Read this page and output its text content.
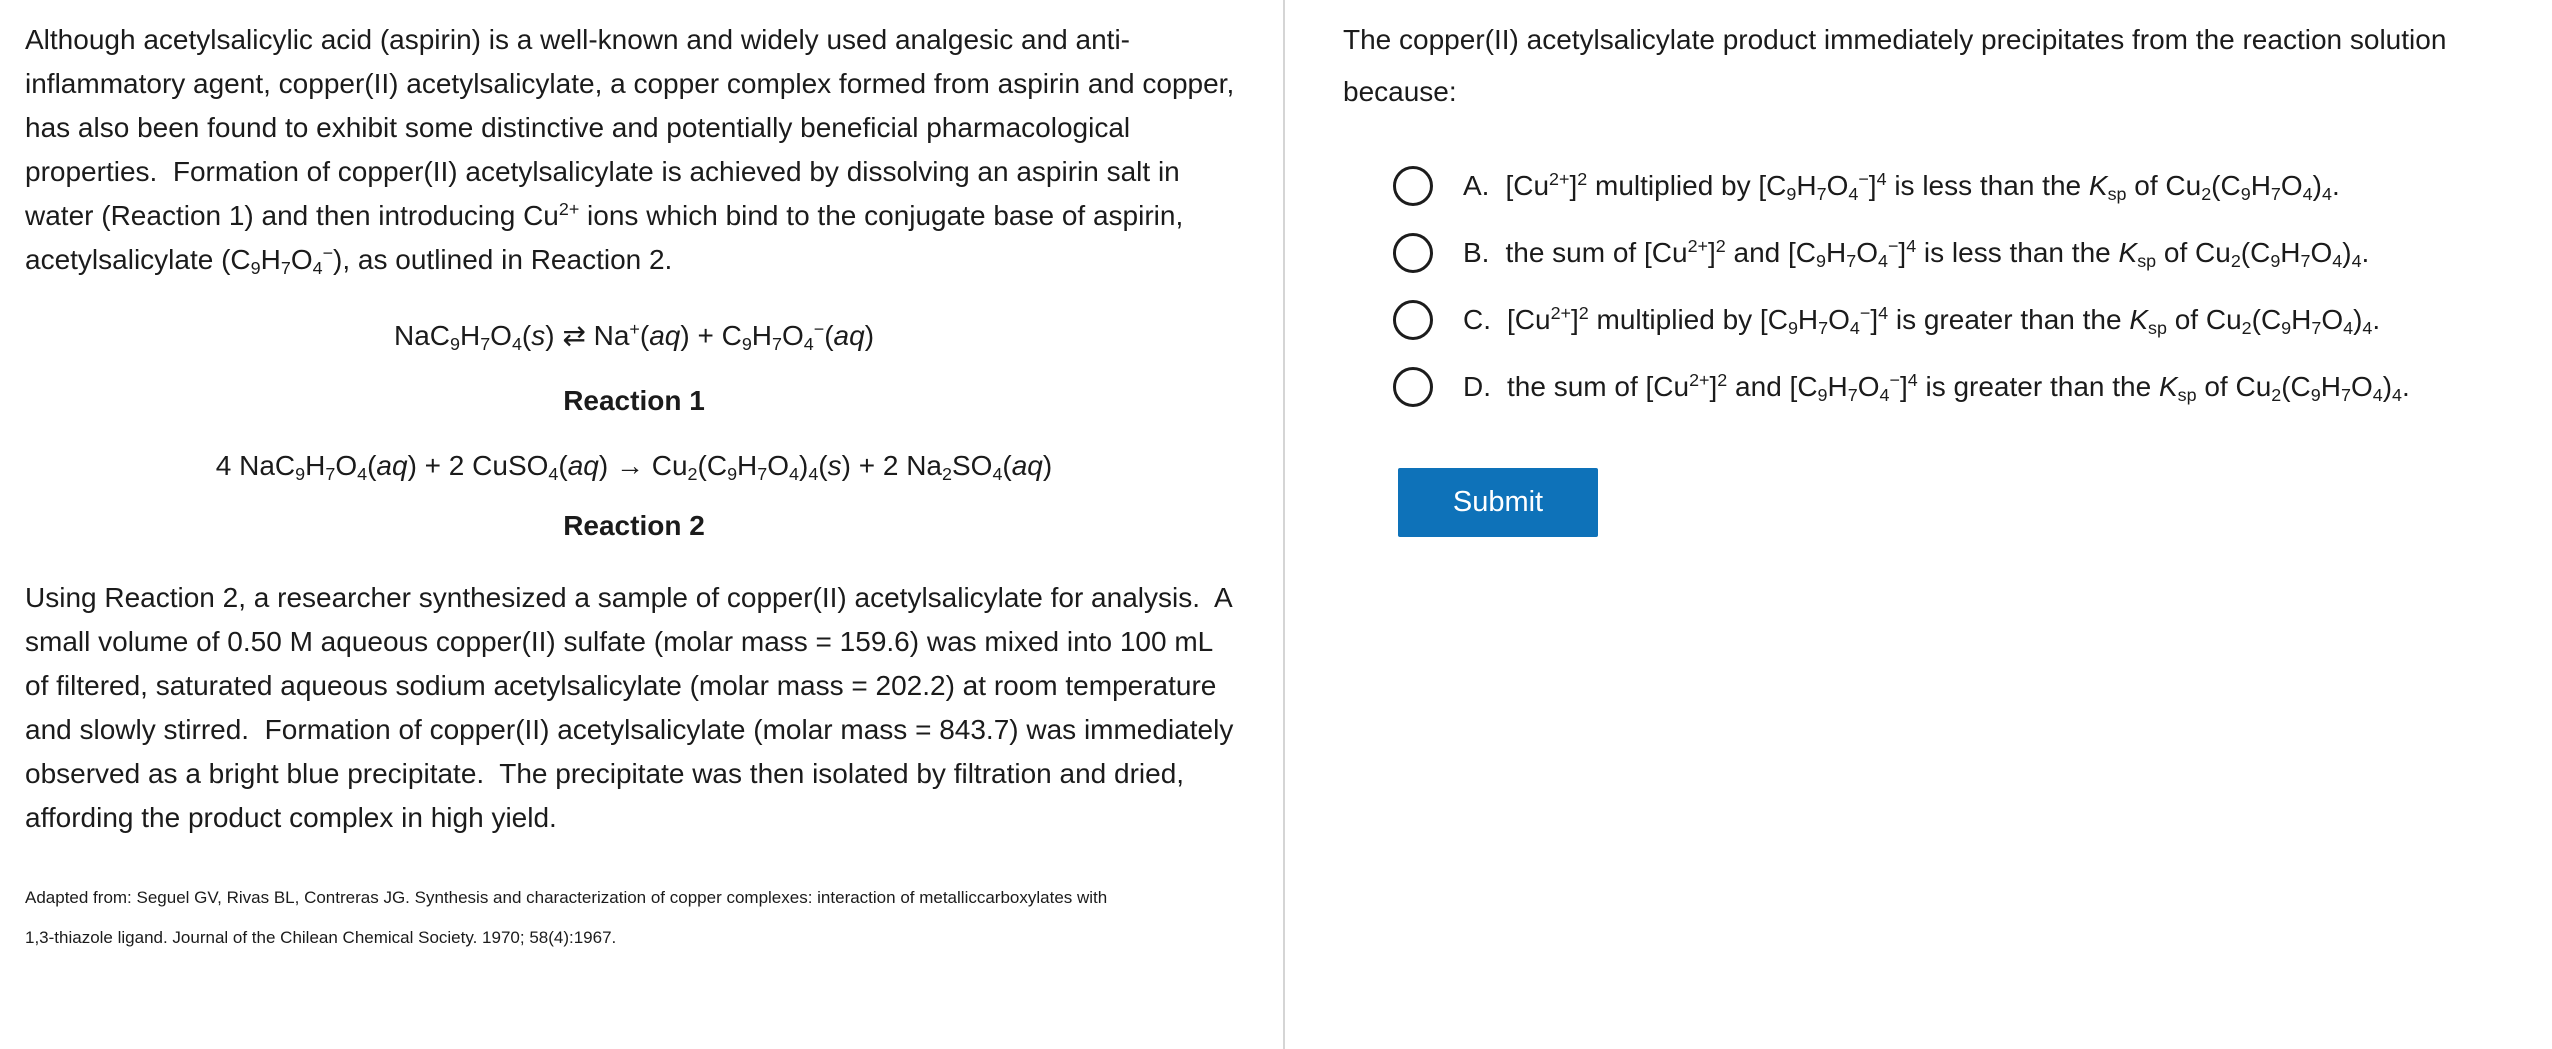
Although acetylsalicylic acid (aspirin) is a well-known and widely used analgesic and anti-inflammatory agent, copper(II) acetylsalicylate, a copper complex formed from aspirin and copper, has also been found to exhibit some distinctive and potentially beneficial pharmacological properties.  Formation of copper(II) acetylsalicylate is achieved by dissolving an aspirin salt in water (Reaction 1) and then introducing $Cu^{2+}$ ions which bind to the conjugate base of aspirin, acetylsalicylate $(C_9H_7O_4^-)$, as outlined in Reaction 2.
$NaC_9H_7O_4(s)$ ⇄ $Na^+(aq) + C_9H_7O_4^-(aq)$
Reaction 1
4 $NaC_9H_7O_4(aq) + 2$ CuSO$_4$(aq) → $Cu_2(C_9H_7O_4)_4(s) + 2$ $Na_2SO_4(aq)$
Reaction 2
Using Reaction 2, a researcher synthesized a sample of copper(II) acetylsalicylate for analysis.  A small volume of 0.50 M aqueous copper(II) sulfate (molar mass = 159.6) was mixed into 100 mL of filtered, saturated aqueous sodium acetylsalicylate (molar mass = 202.2) at room temperature and slowly stirred.  Formation of copper(II) acetylsalicylate (molar mass = 843.7) was immediately observed as a bright blue precipitate.  The precipitate was then isolated by filtration and dried, affording the product complex in high yield.
Adapted from: Seguel GV, Rivas BL, Contreras JG. Synthesis and characterization of copper complexes: interaction of metalliccarboxylates with
1,3-thiazole ligand. Journal of the Chilean Chemical Society. 1970; 58(4):1967.
The copper(II) acetylsalicylate product immediately precipitates from the reaction solution because:
A. $[Cu^{2+}]^2$ multiplied by $[C_9H_7O_4^-]^4$ is less than the $K_{sp}$ of $Cu_2(C_9H_7O_4)_4$.
B. the sum of $[Cu^{2+}]^2$ and $[C_9H_7O_4^-]^4$ is less than the $K_{sp}$ of $Cu_2(C_9H_7O_4)_4$.
C. $[Cu^{2+}]^2$ multiplied by $[C_9H_7O_4^-]^4$ is greater than the $K_{sp}$ of $Cu_2(C_9H_7O_4)_4$.
D. the sum of $[Cu^{2+}]^2$ and $[C_9H_7O_4^-]^4$ is greater than the $K_{sp}$ of $Cu_2(C_9H_7O_4)_4$.
Submit
